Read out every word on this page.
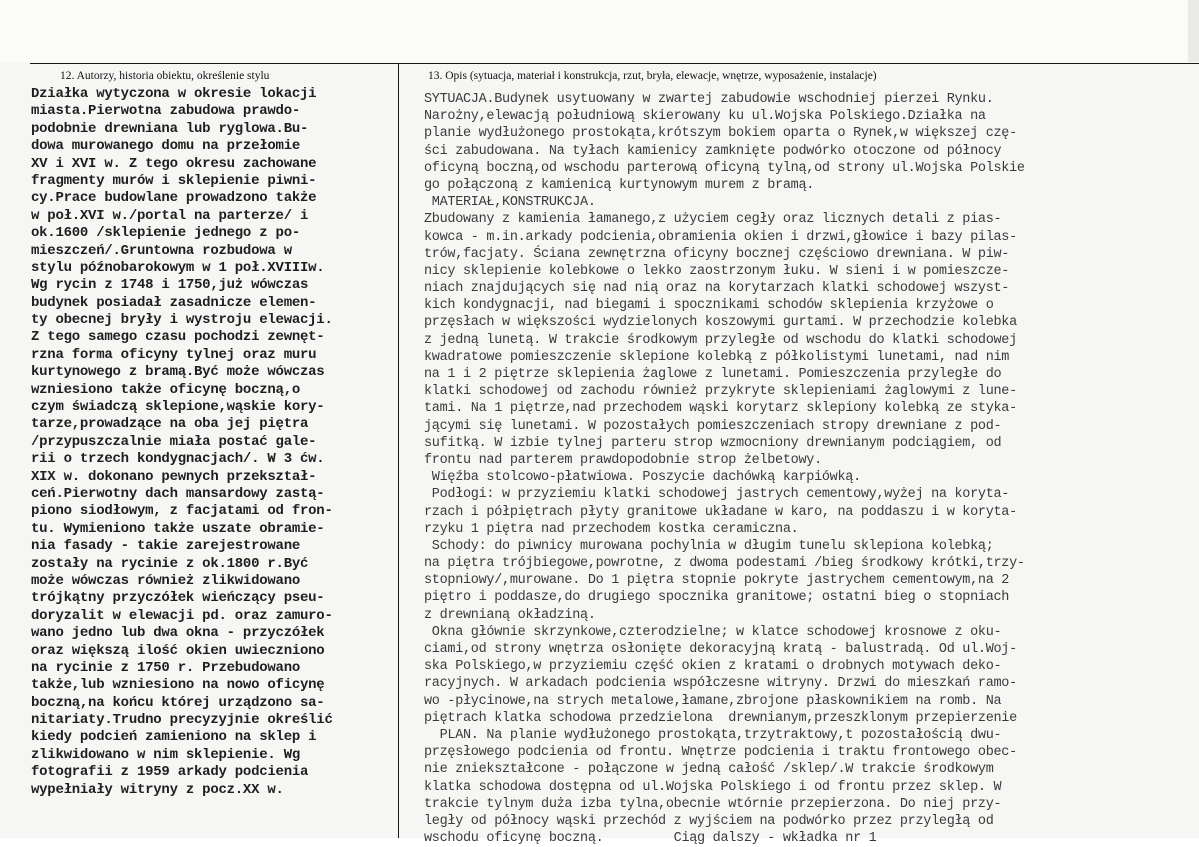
12. Autorzy, historia obiektu, określenie stylu	13. Opis (sytuacja, materiał i konstrukcja, rzut, bryła, elewacje, wnętrze, wyposażenie, instalacje)
Działka wytyczona w okresie lokacji
miasta.Pierwotna zabudowa prawdo-
podobnie drewniana lub ryglowa.Bu-
dowa murowanego domu na przełomie
XV i XVI w. Z tego okresu zachowane
fragmenty murów i sklepienie piwni-
cy.Prace budowlane prowadzono także
w poł.XVI w./portal na parterze/ i
ok.1600 /sklepienie jednego z po-
mieszczeń/.Gruntowna rozbudowa w
stylu późnobarokowym w 1 poł.XVIIIw.
Wg rycin z 1748 i 1750,już wówczas
budynek posiadał zasadnicze elemen-
ty obecnej bryły i wystroju elewacji.
Z tego samego czasu pochodzi zewnęt-
rzna forma oficyny tylnej oraz muru
kurtynowego z bramą.Być może wówczas
wzniesiono także oficynę boczną,o
czym świadczą sklepione,wąskie kory-
tarze,prowadzące na oba jej piętra
/przypuszczalnie miała postać gale-
rii o trzech kondygnacjach/. W 3 ćw.
XIX w. dokonano pewnych przekształ-
ceń.Pierwotny dach mansardowy zastą-
piono siodłowym, z facjatami od fron-
tu. Wymieniono także uszate obramie-
nia fasady - takie zarejestrowane
zostały na rycinie z ok.1800 r.Być
może wówczas również zlikwidowano
trójkątny przyczółek wieńczący pseu-
doryzalit w elewacji pd. oraz zamuro-
wano jedno lub dwa okna - przyczółek
oraz większą ilość okien uwieczniono
na rycinie z 1750 r. Przebudowano
także,lub wzniesiono na nowo oficynę
boczną,na końcu której urządzono sa-
nitariaty.Trudno precyzyjnie określić
kiedy podcień zamieniono na sklep i
zlikwidowano w nim sklepienie. Wg
fotografii z 1959 arkady podcienia
wypełniały witryny z pocz.XX w.
SYTUACJA.Budynek usytuowany w zwartej zabudowie wschodniej pierzei Rynku.
Narożny,elewacją południową skierowany ku ul.Wojska Polskiego.Działka na
planie wydłużonego prostokąta,krótszym bokiem oparta o Rynek,w większej czę-
ści zabudowana. Na tyłach kamienicy zamknięte podwórko otoczone od północy
oficyną boczną,od wschodu parterową oficyną tylną,od strony ul.Wojska Polskie
go połączoną z kamienicą kurtynowym murem z bramą.
MATERIAŁ,KONSTRUKCJA.
Zbudowany z kamienia łamanego,z użyciem cegły oraz licznych detali z pias-
kowca - m.in.arkady podcienia,obramienia okien i drzwi,głowice i bazy pilas-
trów,facjaty. Ściana zewnętrzna oficyny bocznej częściowo drewniana. W piw-
nicy sklepienie kolebkowe o lekko zaostrzonym łuku. W sieni i w pomieszcze-
niach znajdujących się nad nią oraz na korytarzach klatki schodowej wszyst-
kich kondygnacji, nad biegami i spocznikami schodów sklepienia krzyżowe o
przęsłach w większości wydzielonych koszowymi gurtami. W przechodzie kolebka
z jedną lunetą. W trakcie środkowym przyległe od wschodu do klatki schodowej
kwadratowe pomieszczenie sklepione kolebką z półkolistymi lunetami, nad nim
na 1 i 2 piętrze sklepienia żaglowe z lunetami. Pomieszczenia przyległe do
klatki schodowej od zachodu również przykryte sklepieniami żaglowymi z lune-
tami. Na 1 piętrze,nad przechodem wąski korytarz sklepiony kolebką ze styka-
jącymi się lunetami. W pozostałych pomieszczeniach stropy drewniane z pod-
sufitką. W izbie tylnej parteru strop wzmocniony drewnianym podciągiem, od
frontu nad parterem prawdopodobnie strop żelbetowy.
Więźba stolcowo-płatwiowa. Poszycie dachówką karpiówką.
Podłogi: w przyziemiu klatki schodowej jastrych cementowy,wyżej na koryta-
rzach i półpiętrach płyty granitowe układane w karo, na poddaszu i w koryta-
rzyku 1 piętra nad przechodem kostka ceramiczna.
Schody: do piwnicy murowana pochylnia w długim tunelu sklepiona kolebką;
na piętra trójbiegowe,powrotne, z dwoma podestami /bieg środkowy krótki,trzy-
stopniowy/,murowane. Do 1 piętra stopnie pokryte jastrychem cementowym,na 2
piętro i poddasze,do drugiego spocznika granitowe; ostatni bieg o stopniach
z drewnianą okładziną.
Okna głównie skrzynkowe,czterodzielne; w klatce schodowej krosnowe z oku-
ciami,od strony wnętrza osłonięte dekoracyjną kratą - balustradą. Od ul.Woj-
ska Polskiego,w przyziemiu część okien z kratami o drobnych motywach deko-
racyjnych. W arkadach podcienia współczesne witryny. Drzwi do mieszkań ramo-
wo -płycinowe,na strych metalowe,łamane,zbrojone płaskownikiem na romb. Na
piętrach klatka schodowa przedzielona  drewnianym,przeszklonym przepierzenie
PLAN. Na planie wydłużonego prostokąta,trzytraktowy,t pozostałością dwu-
przęsłowego podcienia od frontu. Wnętrze podcienia i traktu frontowego obec-
nie zniekształcone - połączone w jedną całość /sklep/.W trakcie środkowym
klatka schodowa dostępna od ul.Wojska Polskiego i od frontu przez sklep. W
trakcie tylnym duża izba tylna,obecnie wtórnie przepierzona. Do niej przy-
legły od północy wąski przechód z wyjściem na podwórko przez przyległą od
wschodu oficynę boczną.         Ciąg dalszy - wkładka nr 1
